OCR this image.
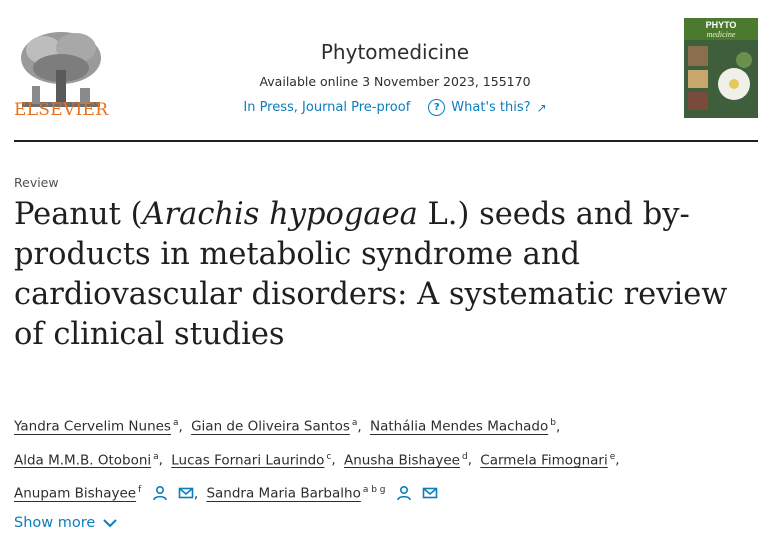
ELSEVIER
Phytomedicine
Available online 3 November 2023, 155170
In Press, Journal Pre-proof	? What's this? ↗
PHYTO
medicine
Review
Peanut (Arachis hypogaea L.) seeds and by-products in metabolic syndrome and cardiovascular disorders: A systematic review of clinical studies
Yandra Cervelim Nunes $^a$, Gian de Oliveira Santos $^a$, Nathália Mendes Machado $^b$,
Alda M.M.B. Otoboni $^a$, Lucas Fornari Laurindo $^c$, Anusha Bishayee $^d$, Carmela Fimognari $^e$,
Anupam Bishayee $^f$	, Sandra Maria Barbalho $^{a b g}$
Show more
